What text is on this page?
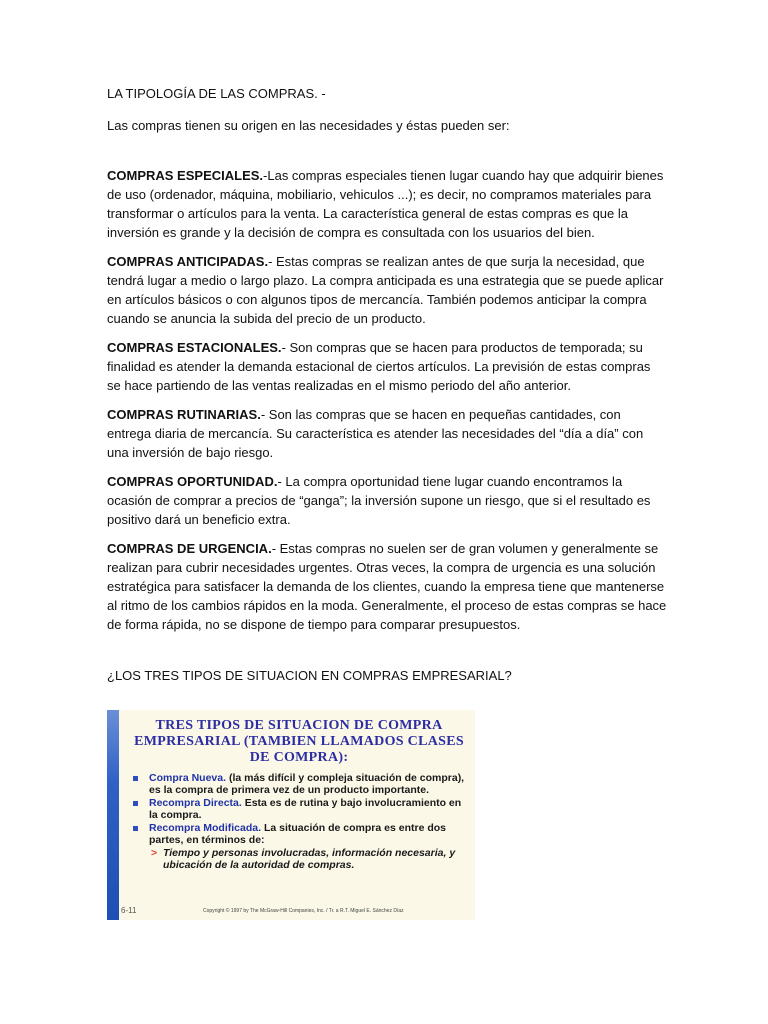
LA TIPOLOGÍA DE LAS COMPRAS. -

Las compras tienen su origen en las necesidades y éstas pueden ser:

COMPRAS ESPECIALES.-Las compras especiales tienen lugar cuando hay que adquirir bienes de uso (ordenador, máquina, mobiliario, vehiculos ...); es decir, no compramos materiales para transformar o artículos para la venta. La característica general de estas compras es que la inversión es grande y la decisión de compra es consultada con los usuarios del bien.

COMPRAS ANTICIPADAS.- Estas compras se realizan antes de que surja la necesidad, que tendrá lugar a medio o largo plazo. La compra anticipada es una estrategia que se puede aplicar en artículos básicos o con algunos tipos de mercancía. También podemos anticipar la compra cuando se anuncia la subida del precio de un producto.

COMPRAS ESTACIONALES.- Son compras que se hacen para productos de temporada; su finalidad es atender la demanda estacional de ciertos artículos. La previsión de estas compras se hace partiendo de las ventas realizadas en el mismo periodo del año anterior.

COMPRAS RUTINARIAS.- Son las compras que se hacen en pequeñas cantidades, con entrega diaria de mercancía. Su característica es atender las necesidades del “día a día” con una inversión de bajo riesgo.

COMPRAS OPORTUNIDAD.- La compra oportunidad tiene lugar cuando encontramos la ocasión de comprar a precios de “ganga”; la inversión supone un riesgo, que si el resultado es positivo dará un beneficio extra.

COMPRAS DE URGENCIA.- Estas compras no suelen ser de gran volumen y generalmente se realizan para cubrir necesidades urgentes. Otras veces, la compra de urgencia es una solución estratégica para satisfacer la demanda de los clientes, cuando la empresa tiene que mantenerse al ritmo de los cambios rápidos en la moda. Generalmente, el proceso de estas compras se hace de forma rápida, no se dispone de tiempo para comparar presupuestos.

¿LOS TRES TIPOS DE SITUACION EN COMPRAS EMPRESARIAL?

TRES TIPOS DE SITUACION DE COMPRA EMPRESARIAL (TAMBIEN LLAMADOS CLASES DE COMPRA):
Compra Nueva. (la más difícil y compleja situación de compra), es la compra de primera vez de un producto importante.
Recompra Directa. Esta es de rutina y bajo involucramiento en la compra.
Recompra Modificada. La situación de compra es entre dos partes, en términos de:
> Tiempo y personas involucradas, información necesaria, y ubicación de la autoridad de compras.
6-11	Copyright © 1997 by The McGraw-Hill Companies, Inc. / Tr. a R.T. Miguel E. Sánchez Díaz
